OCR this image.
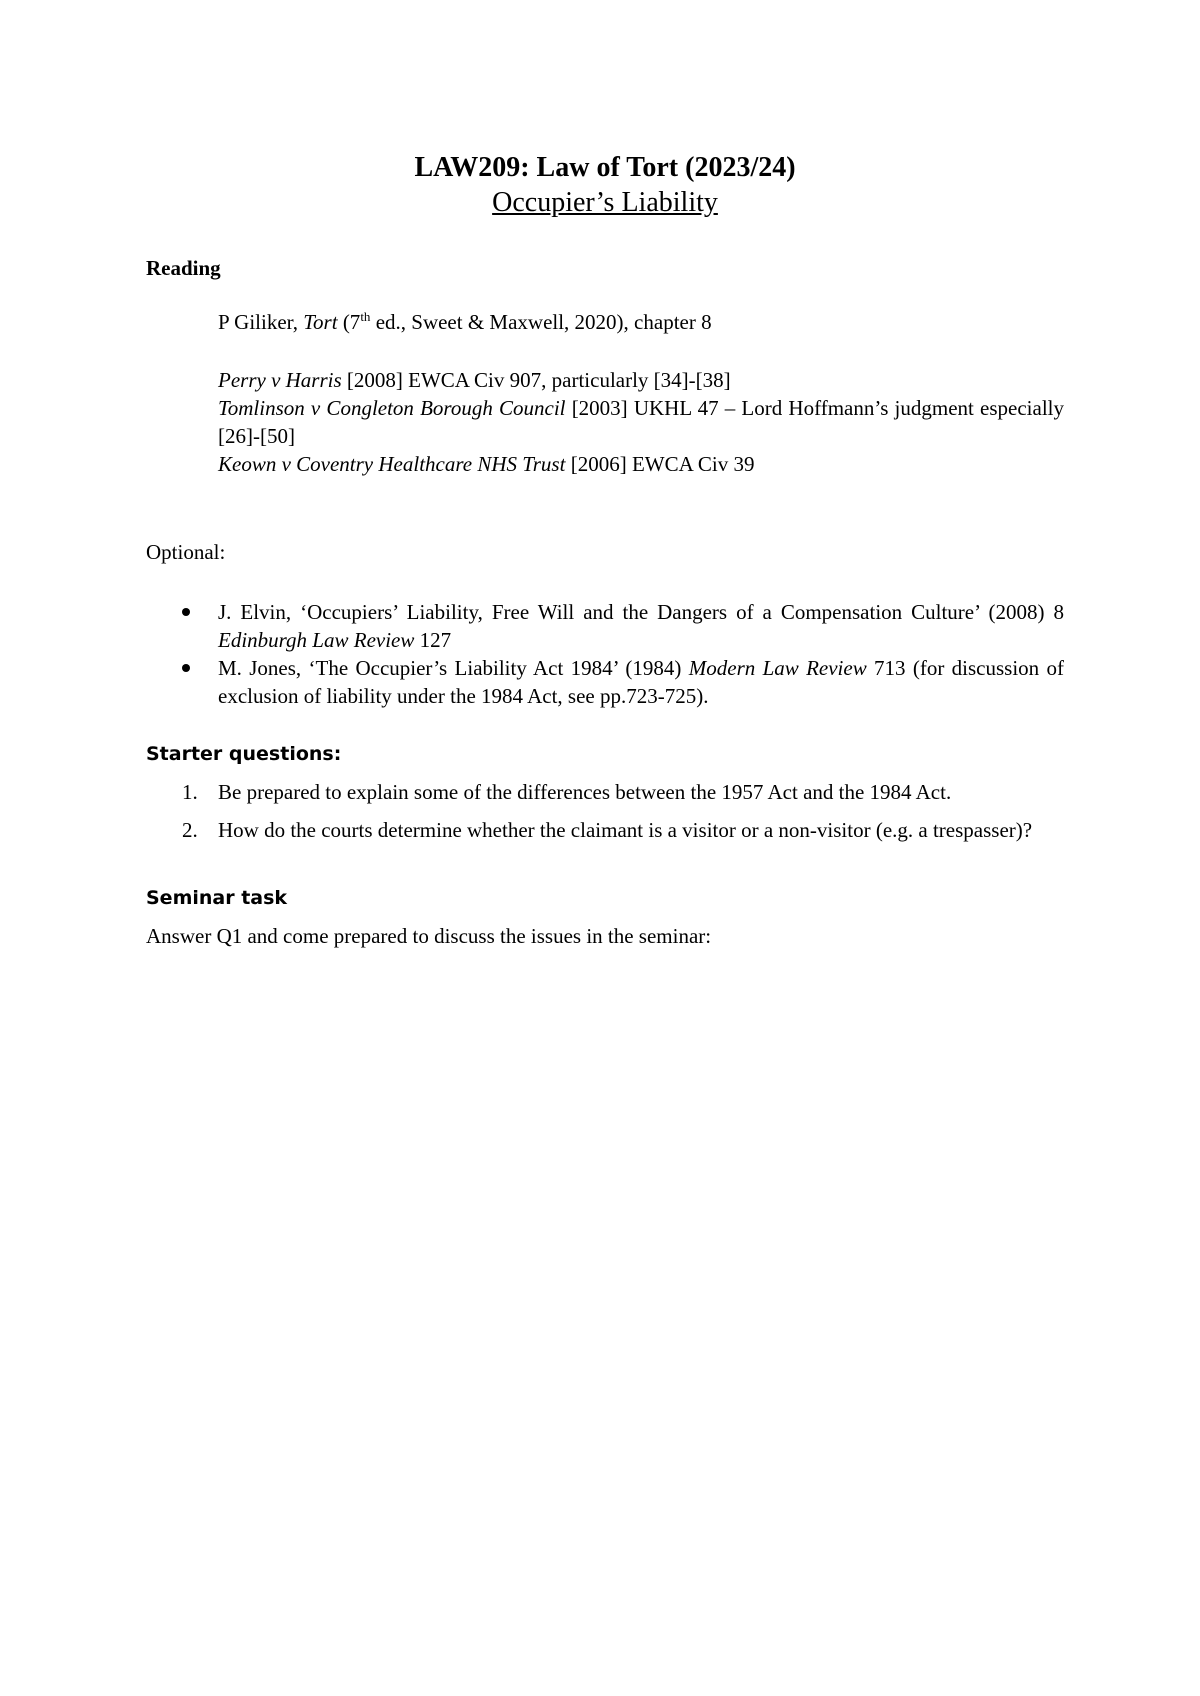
LAW209: Law of Tort (2023/24)

Occupier’s Liability

Reading

P Giliker, Tort (7th ed., Sweet & Maxwell, 2020), chapter 8

Perry v Harris [2008] EWCA Civ 907, particularly [34]-[38]

Tomlinson v Congleton Borough Council [2003] UKHL 47 – Lord Hoffmann’s judgment especially [26]-[50]

Keown v Coventry Healthcare NHS Trust [2006] EWCA Civ 39

Optional:

J. Elvin, ‘Occupiers’ Liability, Free Will and the Dangers of a Compensation Culture’ (2008) 8 Edinburgh Law Review 127
M. Jones, ‘The Occupier’s Liability Act 1984’ (1984) Modern Law Review 713 (for discussion of exclusion of liability under the 1984 Act, see pp.723-725).

Starter questions:

1. Be prepared to explain some of the differences between the 1957 Act and the 1984 Act.
2. How do the courts determine whether the claimant is a visitor or a non-visitor (e.g. a trespasser)?

Seminar task

Answer Q1 and come prepared to discuss the issues in the seminar:
